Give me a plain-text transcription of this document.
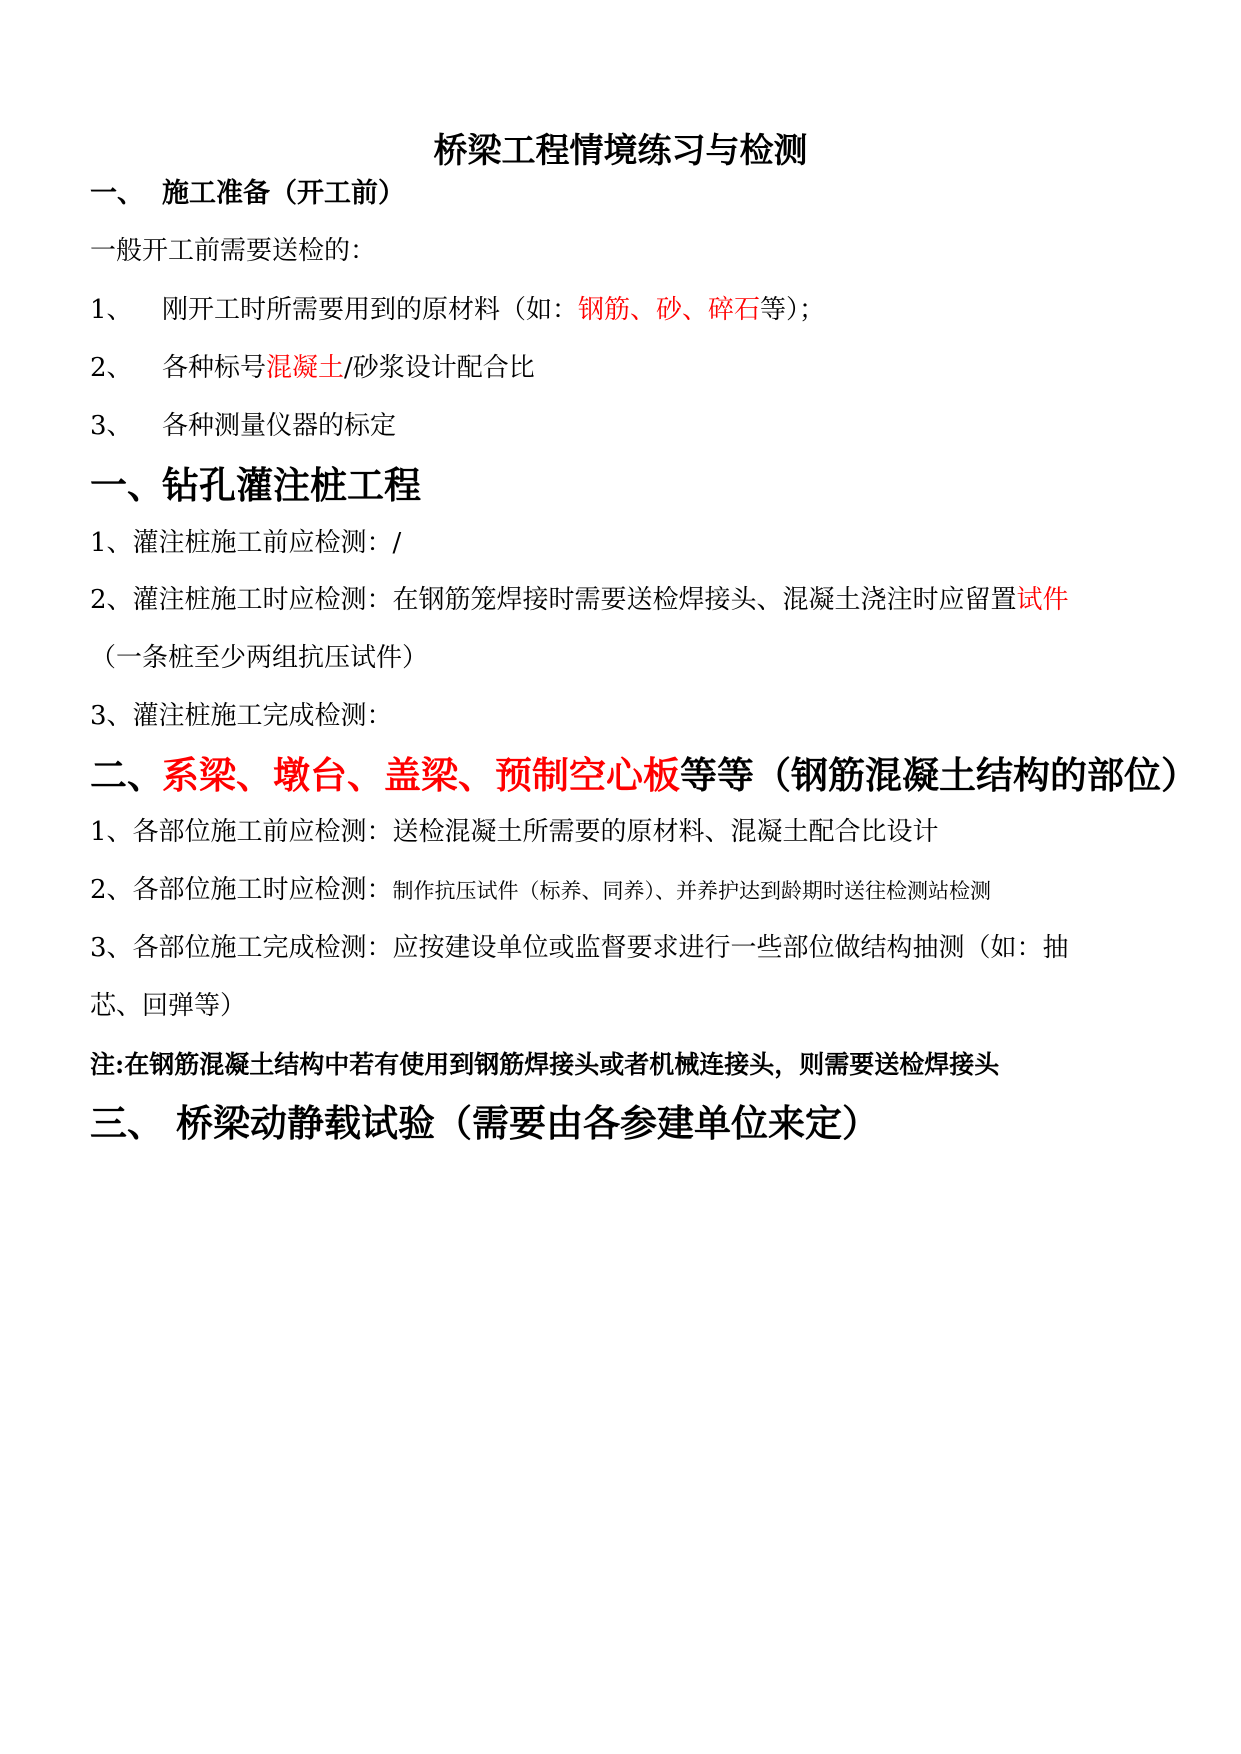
桥梁工程情境练习与检测
一、 施工准备（开工前）
一般开工前需要送检的：
1、 刚开工时所需要用到的原材料（如：钢筋、砂、碎石等）；
2、 各种标号混凝土/砂浆设计配合比
3、 各种测量仪器的标定
一、钻孔灌注桩工程
1、灌注桩施工前应检测：/
2、灌注桩施工时应检测：在钢筋笼焊接时需要送检焊接头、混凝土浇注时应留置试件
（一条桩至少两组抗压试件）
3、灌注桩施工完成检测：
二、系梁、墩台、盖梁、预制空心板等等（钢筋混凝土结构的部位）
1、各部位施工前应检测：送检混凝土所需要的原材料、混凝土配合比设计
2、各部位施工时应检测：制作抗压试件（标养、同养）、并养护达到龄期时送往检测站检测
3、各部位施工完成检测：应按建设单位或监督要求进行一些部位做结构抽测（如：抽
芯、回弹等）
注:在钢筋混凝土结构中若有使用到钢筋焊接头或者机械连接头，则需要送检焊接头
三、 桥梁动静载试验（需要由各参建单位来定）
